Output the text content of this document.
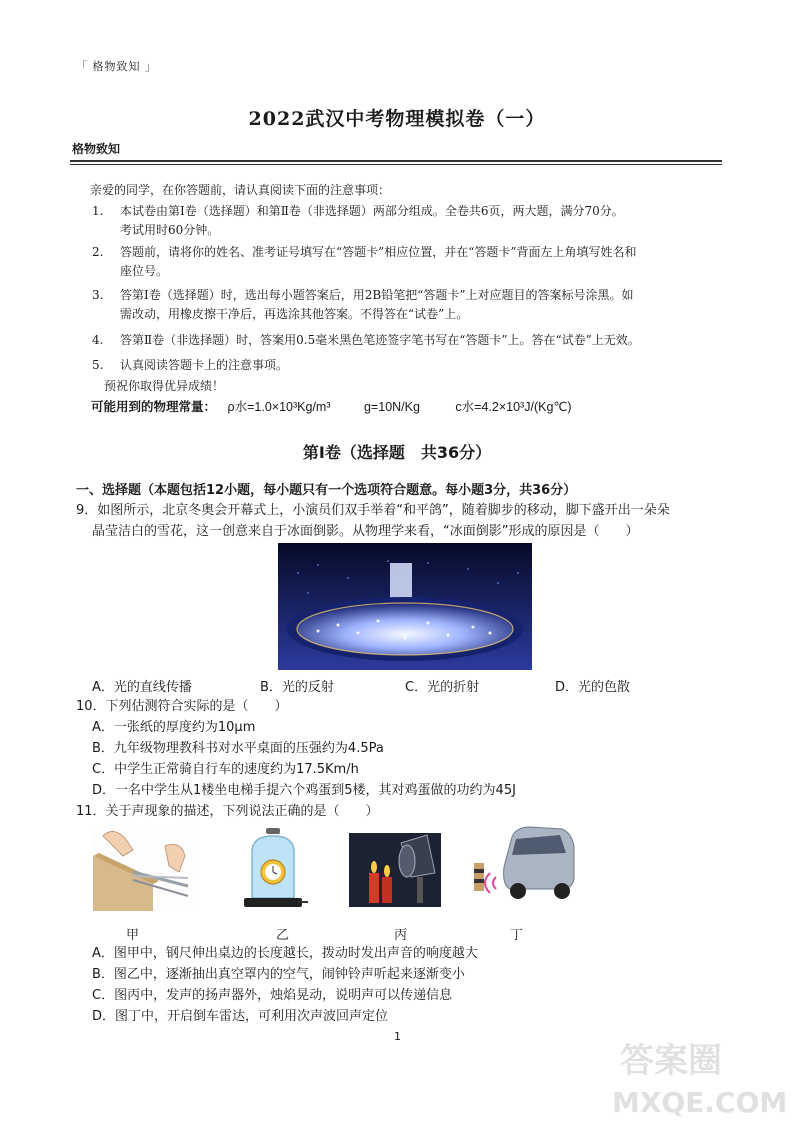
「 格物致知 」
2022武汉中考物理模拟卷（一）
格物致知
亲爱的同学，在你答题前，请认真阅读下面的注意事项：
1. 本试卷由第Ⅰ卷（选择题）和第Ⅱ卷（非选择题）两部分组成。全卷共6页，两大题，满分70分。
考试用时60分钟。
2. 答题前，请将你的姓名、准考证号填写在“答题卡”相应位置，并在“答题卡”背面左上角填写姓名和
座位号。
3. 答第Ⅰ卷（选择题）时，选出每小题答案后，用2B铅笔把“答题卡”上对应题目的答案标号涂黑。如
需改动，用橡皮擦干净后，再选涂其他答案。不得答在“试卷”上。
4. 答第Ⅱ卷（非选择题）时，答案用0.5毫米黑色笔迹签字笔书写在“答题卡”上。答在“试卷”上无效。
5. 认真阅读答题卡上的注意事项。
预祝你取得优异成绩！
可能用到的物理常量： ρ水=1.0×10³Kg/m³	g=10N/Kg	c水=4.2×10³J/(Kg℃)
第Ⅰ卷（选择题　共36分）
一、选择题（本题包括12小题，每小题只有一个选项符合题意。每小题3分，共36分）
9．如图所示，北京冬奥会开幕式上，小演员们双手举着“和平鸽”，随着脚步的移动，脚下盛开出一朵朵
晶莹洁白的雪花，这一创意来自于冰面倒影。从物理学来看，“冰面倒影”形成的原因是（　　）
A．光的直线传播	B．光的反射	C．光的折射	D．光的色散
10．下列估测符合实际的是（　　）
A．一张纸的厚度约为10μm
B．九年级物理教科书对水平桌面的压强约为4.5Pa
C．中学生正常骑自行车的速度约为17.5Km/h
D．一名中学生从1楼坐电梯手提六个鸡蛋到5楼，其对鸡蛋做的功约为45J
11．关于声现象的描述，下列说法正确的是（　　）
甲	乙	丙	丁
A．图甲中，钢尺伸出桌边的长度越长，拨动时发出声音的响度越大
B．图乙中，逐渐抽出真空罩内的空气，闹钟铃声听起来逐渐变小
C．图丙中，发声的扬声器外，烛焰晃动，说明声可以传递信息
D．图丁中，开启倒车雷达，可利用次声波回声定位
1
答案圈
MXQE.COM
